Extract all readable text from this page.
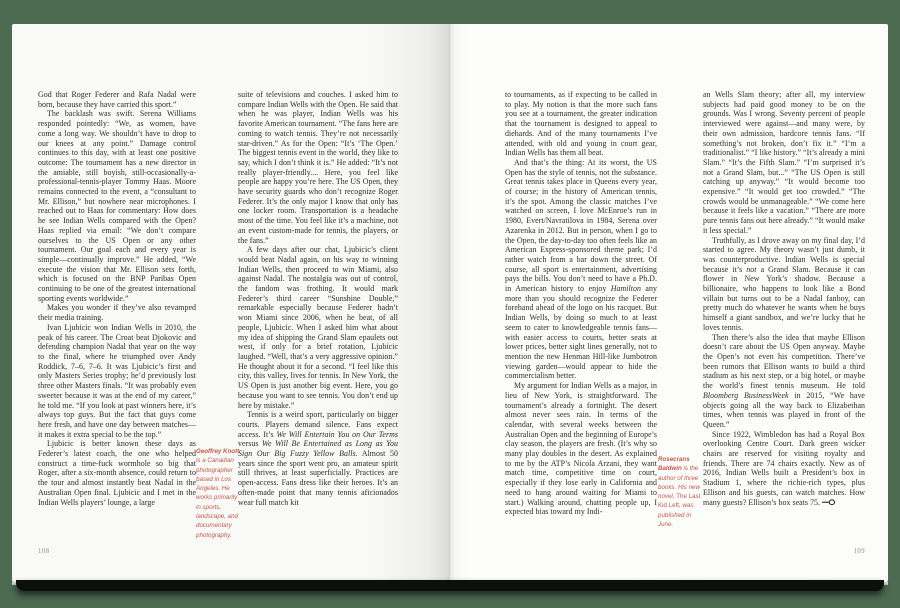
God that Roger Federer and Rafa Nadal were born, because they have carried this sport.”

The backlash was swift. Serena Williams responded pointedly: “We, as women, have come a long way. We shouldn’t have to drop to our knees at any point.” Damage control continues to this day, with at least one positive outcome: The tournament has a new director in the amiable, still boyish, still-occasionally-a-professional-tennis-player Tommy Haas. Moore remains connected to the event, a “consultant to Mr. Ellison,” but nowhere near microphones. I reached out to Haas for commentary: How does he see Indian Wells compared with the Open? Haas replied via email: “We don’t compare ourselves to the US Open or any other tournament. Our goal each and every year is simple—continually improve.” He added, “We execute the vision that Mr. Ellison sets forth, which is focused on the BNP Paribas Open continuing to be one of the greatest international sporting events worldwide.”

Makes you wonder if they’ve also revamped their media training.

Ivan Ljubicic won Indian Wells in 2010, the peak of his career. The Croat beat Djokovic and defending champion Nadal that year on the way to the final, where he triumphed over Andy Roddick, 7–6, 7–6. It was Ljubicic’s first and only Masters Series trophy; he’d previously lost three other Masters finals. “It was probably even sweeter because it was at the end of my career,” he told me. “If you look at past winners here, it’s always top guys. But the fact that guys come here fresh, and have one day between matches—it makes it extra special to be the top.”

Ljubicic is better known these days as Federer’s latest coach, the one who helped construct a time-fuck wormhole so big that Roger, after a six-month absence, could return to the tour and almost instantly beat Nadal in the Australian Open final. Ljubicic and I met in the Indian Wells players’ lounge, a large

suite of televisions and couches. I asked him to compare Indian Wells with the Open. He said that when he was player, Indian Wells was his favorite American tournament. “The fans here are coming to watch tennis. They’re not necessarily star-driven.” As for the Open: “It’s ‘The Open.’ The biggest tennis event in the world, they like to say, which I don’t think it is.” He added: “It’s not really player-friendly.... Here, you feel like people are happy you’re here. The US Open, they have security guards who don’t recognize Roger Federer. It’s the only major I know that only has one locker room. Transportation is a headache most of the time. You feel like it’s a machine, not an event custom-made for tennis, the players, or the fans.”

A few days after our chat, Ljubicic’s client would beat Nadal again, on his way to winning Indian Wells, then proceed to win Miami, also against Nadal. The nostalgia was out of control, the fandom was frothing. It would mark Federer’s third career “Sunshine Double,” remarkable especially because Federer hadn’t won Miami since 2006, when he beat, of all people, Ljubicic. When I asked him what about my idea of shipping the Grand Slam epaulets out west, if only for a brief rotation, Ljubicic laughed. “Well, that’s a very aggressive opinion.” He thought about it for a second. “I feel like this city, this valley, lives for tennis. In New York, the US Open is just another big event. Here, you go because you want to see tennis. You don’t end up here by mistake.”

Tennis is a weird sport, particularly on bigger courts. Players demand silence. Fans expect access. It’s We Will Entertain You on Our Terms versus We Will Be Entertained as Long as You Sign Our Big Fuzzy Yellow Balls. Almost 50 years since the sport went pro, an amateur spirit still thrives, at least superficially. Practices are open-access. Fans dress like their heroes. It’s an often-made point that many tennis aficionados wear full match kit

Geoffrey Knott is a Canadian photographer based in Los Angeles. He works primarily in sports, landscape, and documentary photography.
108

to tournaments, as if expecting to be called in to play. My notion is that the more such fans you see at a tournament, the greater indication that the tournament is designed to appeal to diehards. And of the many tournaments I’ve attended, with old and young in court gear, Indian Wells has them all beat.

And that’s the thing: At its worst, the US Open has the style of tennis, not the substance. Great tennis takes place in Queens every year, of course; in the history of American tennis, it’s the spot. Among the classic matches I’ve watched on screen, I love McEnroe’s run in 1980, Evert/Navratilova in 1984, Serena over Azarenka in 2012. But in person, when I go to the Open, the day-to-day too often feels like an American Express-sponsored theme park; I’d rather watch from a bar down the street. Of course, all sport is entertainment, advertising pays the bills. You don’t need to have a Ph.D. in American history to enjoy Hamilton any more than you should recognize the Federer forehand ahead of the logo on his racquet. But Indian Wells, by doing so much to at least seem to cater to knowledgeable tennis fans—with easier access to courts, better seats at lower prices, better sight lines generally, not to mention the new Henman Hill-like Jumbotron viewing garden—would appear to hide the commercialism better.

My argument for Indian Wells as a major, in lieu of New York, is straightforward. The tournament’s already a fortnight. The desert almost never sees rain. In terms of the calendar, with several weeks between the Australian Open and the beginning of Europe’s clay season, the players are fresh. (It’s why so many play doubles in the desert. As explained to me by the ATP’s Nicola Arzani, they want match time, competitive time on court, especially if they lose early in California and need to hang around waiting for Miami to start.) Walking around, chatting people up, I expected bias toward my Indi-

an Wells Slam theory; after all, my interview subjects had paid good money to be on the grounds. Was I wrong. Seventy percent of people interviewed were against—and many were, by their own admission, hardcore tennis fans. “If something’s not broken, don’t fix it.” “I’m a traditionalist.” “I like history.” “It’s already a mini Slam.” “It’s the Fifth Slam.” “I’m surprised it’s not a Grand Slam, but...” “The US Open is still catching up anyway.” “It would become too expensive.” “It would get too crowded.” “The crowds would be unmanageable.” “We come here because it feels like a vacation.” “There are more pure tennis fans out here already.” “It would make it less special.”

Truthfully, as I drove away on my final day, I’d started to agree. My theory wasn’t just dumb, it was counterproductive. Indian Wells is special because it’s not a Grand Slam. Because it can flower in New York’s shadow. Because a billionaire, who happens to look like a Bond villain but turns out to be a Nadal fanboy, can pretty much do whatever he wants when he buys himself a giant sandbox, and we’re lucky that he loves tennis.

Then there’s also the idea that maybe Ellison doesn’t care about the US Open anyway. Maybe the Open’s not even his competition. There’ve been rumors that Ellison wants to build a third stadium as his next step, or a big hotel, or maybe the world’s finest tennis museum. He told Bloomberg BusinessWeek in 2015, “We have objects going all the way back to Elizabethan times, when tennis was played in front of the Queen.”

Since 1922, Wimbledon has had a Royal Box overlooking Centre Court. Dark green wicker chairs are reserved for visiting royalty and friends. There are 74 chairs exactly. New as of 2016, Indian Wells built a President’s box in Stadium 1, where the richie-rich types, plus Ellison and his guests, can watch matches. How many guests? Ellison’s box seats 75.

Rosecrans Baldwin is the author of three books. His new novel, The Last Kid Left, was published in June.
109
